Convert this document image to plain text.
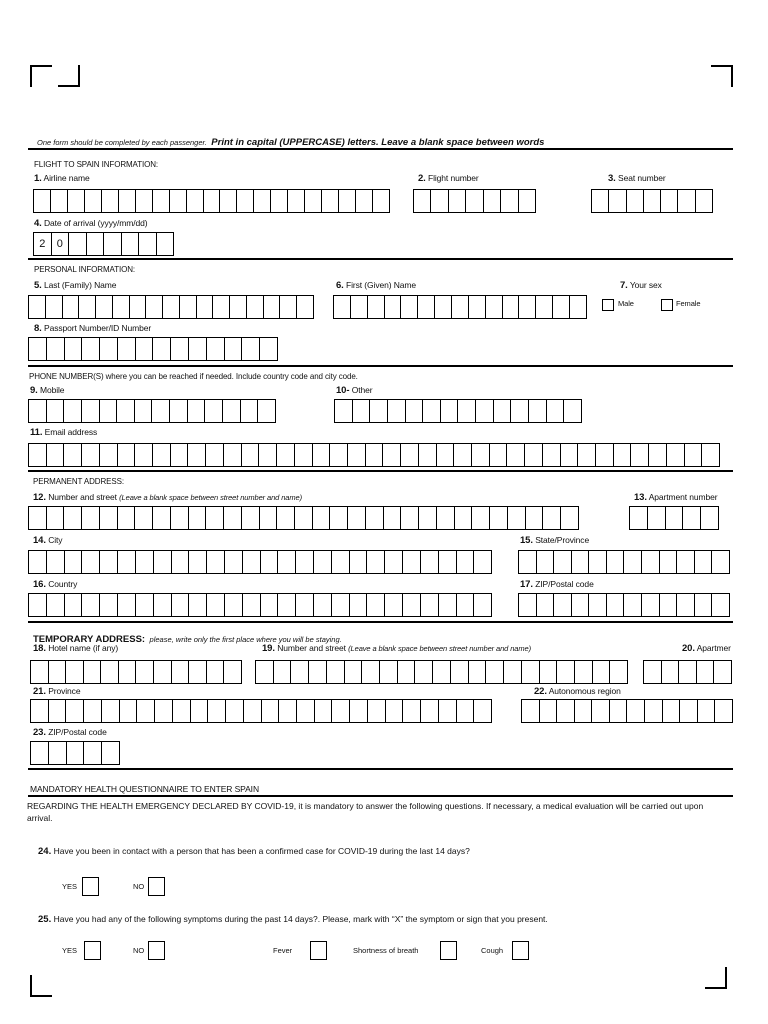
One form should be completed by each passenger. Print in capital (UPPERCASE) letters. Leave a blank space between words
FLIGHT TO SPAIN INFORMATION:
1. Airline name	2. Flight number	3. Seat number
4. Date of arrival (yyyy/mm/dd)
2	0
PERSONAL INFORMATION:
5. Last (Family) Name	6. First (Given) Name	7. Your sex
Male	Female
8. Passport Number/ID Number
PHONE NUMBER(S) where you can be reached if needed. Include country code and city code.
9. Mobile	10- Other
11. Email address
PERMANENT ADDRESS:
12. Number and street (Leave a blank space between street number and name)	13. Apartment number
14. City	15. State/Province
16. Country	17. ZIP/Postal code
TEMPORARY ADDRESS: please, write only the first place where you will be staying.
18. Hotel name (if any)	19. Number and street (Leave a blank space between street number and name)	20. Apartmer
21. Province	22. Autonomous region
23. ZIP/Postal code
MANDATORY HEALTH QUESTIONNAIRE TO ENTER SPAIN
REGARDING THE HEALTH EMERGENCY DECLARED BY COVID-19, it is mandatory to answer the following questions. If necessary, a medical evaluation will be carried out upon arrival.
24. Have you been in contact with a person that has been a confirmed case for COVID-19 during the last 14 days?
YES	NO
25. Have you had any of the following symptoms during the past 14 days?. Please, mark with “X” the symptom or sign that you present.
YES	NO	Fever	Shortness of breath	Cough
